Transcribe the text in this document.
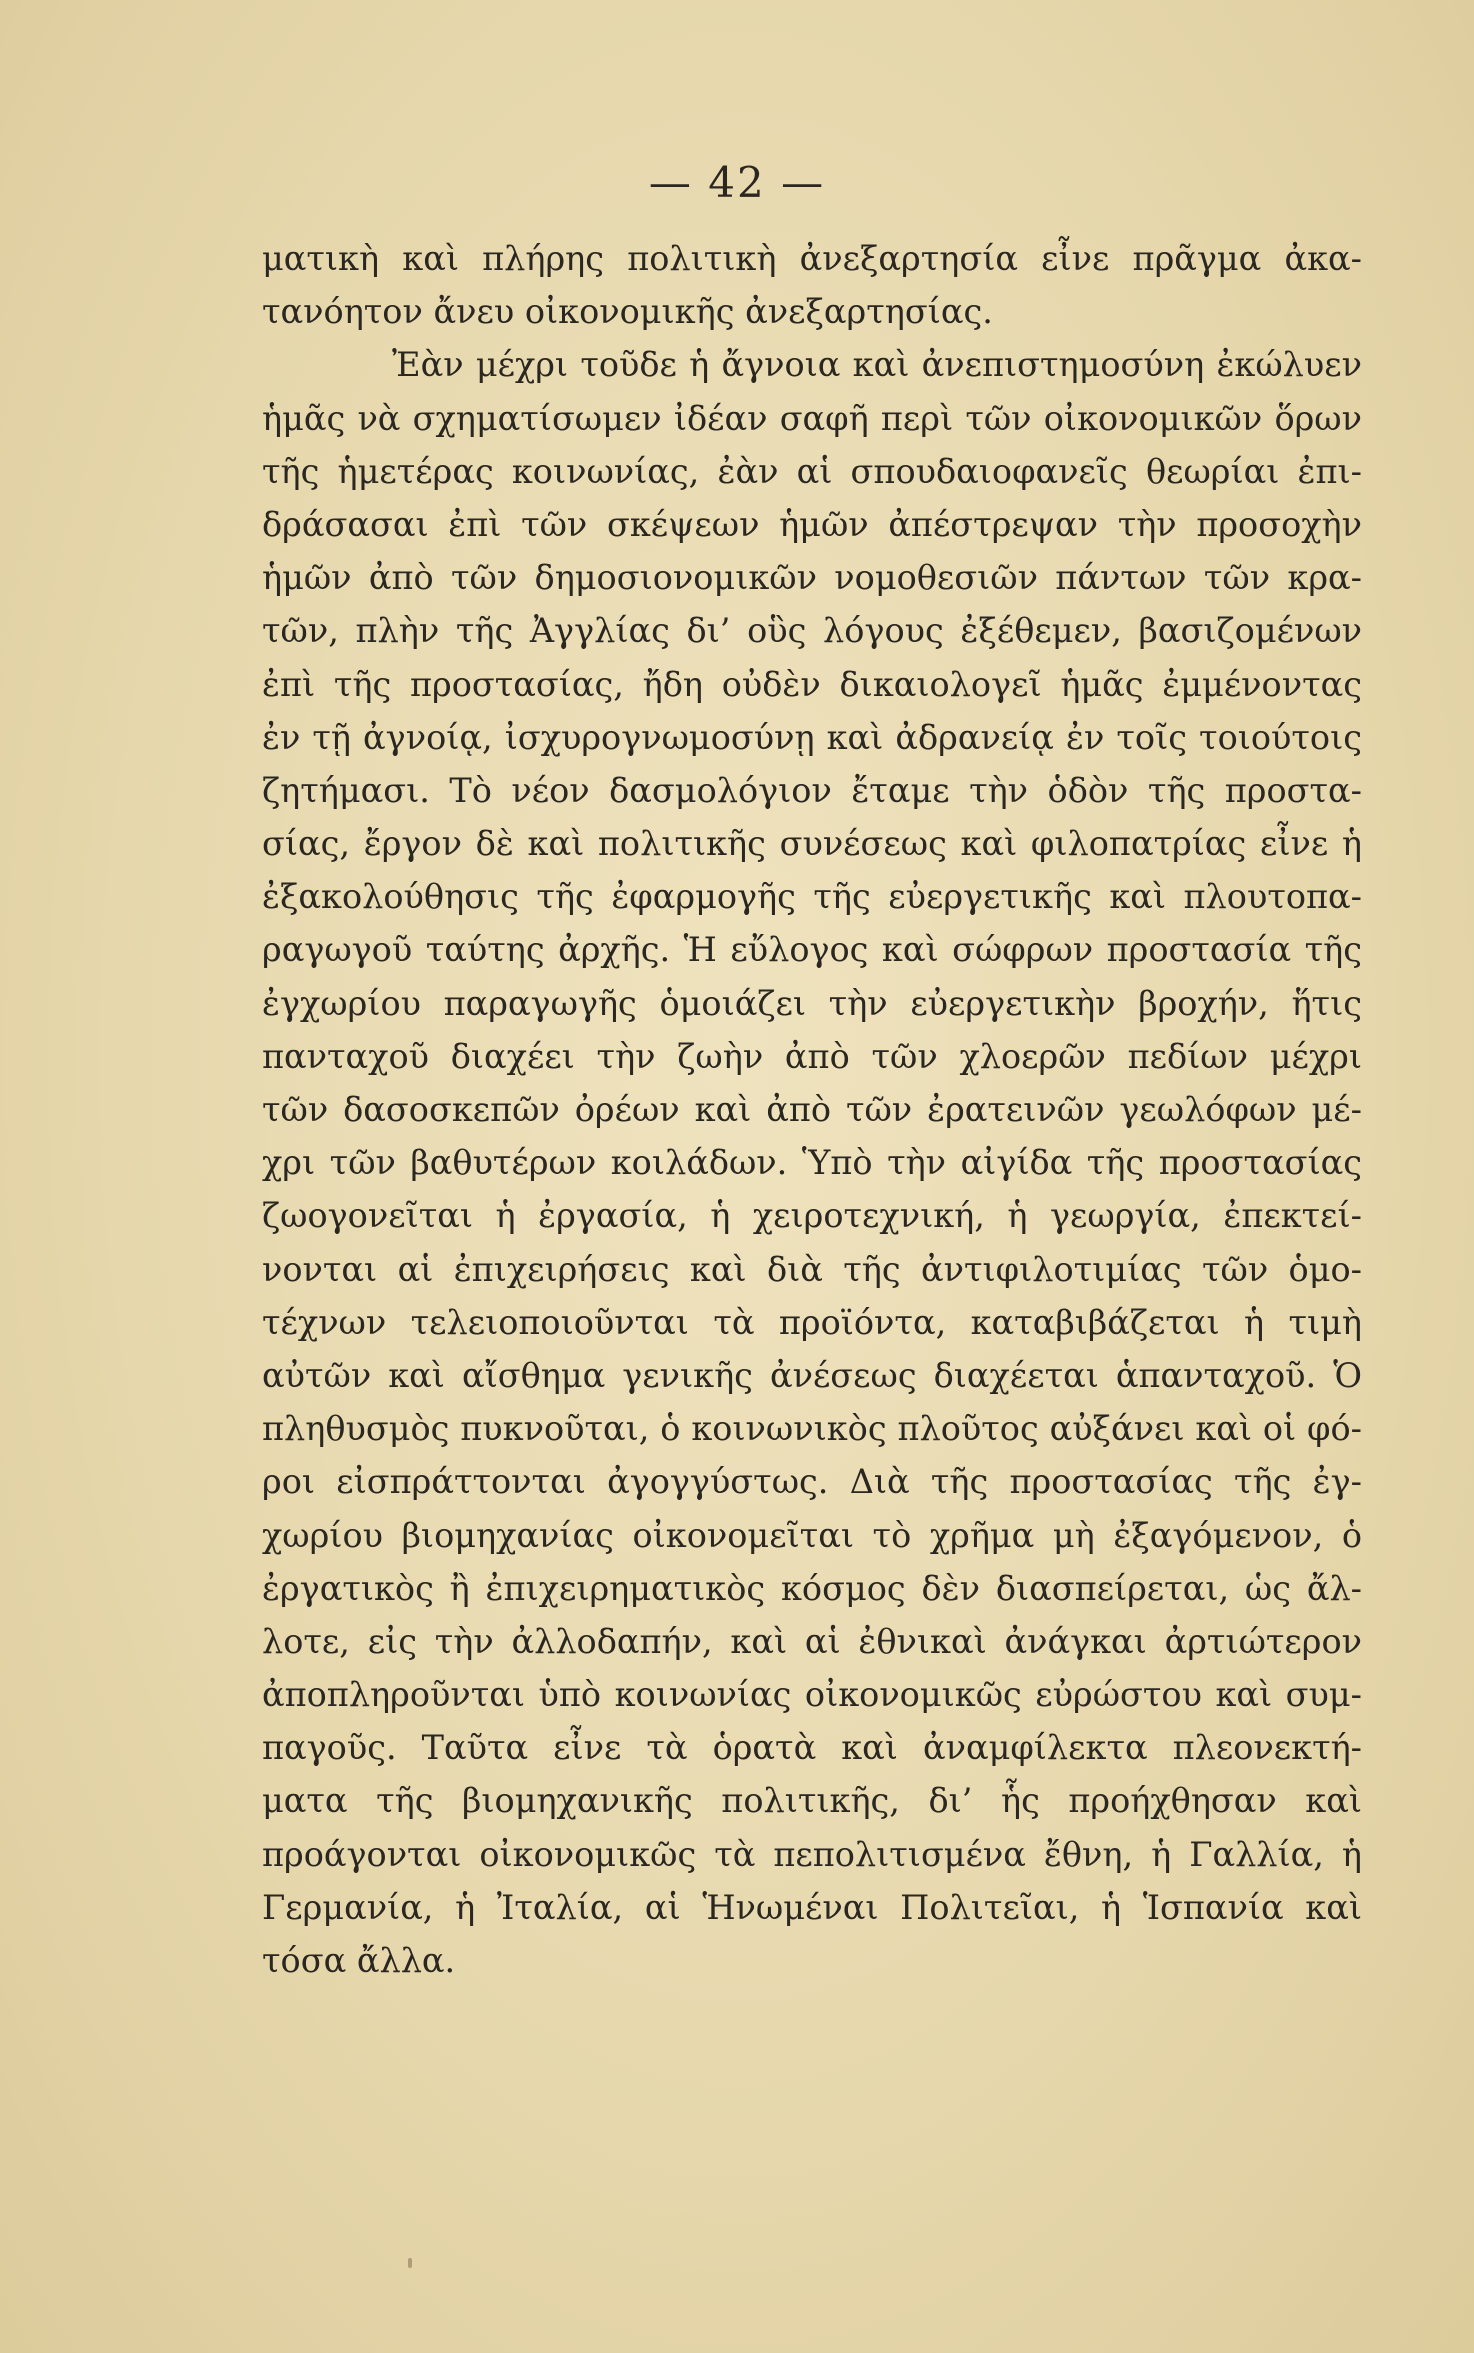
— 42 —
ματικὴ καὶ πλήρης πολιτικὴ ἀνεξαρτησία εἶνε πρᾶγμα ἀκα-
τανόητον ἄνευ οἰκονομικῆς ἀνεξαρτησίας.
Ἐὰν μέχρι τοῦδε ἡ ἄγνοια καὶ ἀνεπιστημοσύνη ἐκώλυεν
ἡμᾶς νὰ σχηματίσωμεν ἰδέαν σαφῆ περὶ τῶν οἰκονομικῶν ὅρων
τῆς ἡμετέρας κοινωνίας, ἐὰν αἱ σπουδαιοφανεῖς θεωρίαι ἐπι-
δράσασαι ἐπὶ τῶν σκέψεων ἡμῶν ἀπέστρεψαν τὴν προσοχὴν
ἡμῶν ἀπὸ τῶν δημοσιονομικῶν νομοθεσιῶν πάντων τῶν κρα-
τῶν, πλὴν τῆς Ἀγγλίας δι’ οὓς λόγους ἐξέθεμεν, βασιζομένων
ἐπὶ τῆς προστασίας, ἤδη οὐδὲν δικαιολογεῖ ἡμᾶς ἐμμένοντας
ἐν τῇ ἀγνοίᾳ, ἰσχυρογνωμοσύνῃ καὶ ἀδρανείᾳ ἐν τοῖς τοιούτοις
ζητήμασι. Τὸ νέον δασμολόγιον ἔταμε τὴν ὁδὸν τῆς προστα-
σίας, ἔργον δὲ καὶ πολιτικῆς συνέσεως καὶ φιλοπατρίας εἶνε ἡ
ἐξακολούθησις τῆς ἐφαρμογῆς τῆς εὐεργετικῆς καὶ πλουτοπα-
ραγωγοῦ ταύτης ἀρχῆς. Ἡ εὔλογος καὶ σώφρων προστασία τῆς
ἐγχωρίου παραγωγῆς ὁμοιάζει τὴν εὐεργετικὴν βροχήν, ἥτις
πανταχοῦ διαχέει τὴν ζωὴν ἀπὸ τῶν χλοερῶν πεδίων μέχρι
τῶν δασοσκεπῶν ὀρέων καὶ ἀπὸ τῶν ἐρατεινῶν γεωλόφων μέ-
χρι τῶν βαθυτέρων κοιλάδων. Ὑπὸ τὴν αἰγίδα τῆς προστασίας
ζωογονεῖται ἡ ἐργασία, ἡ χειροτεχνική, ἡ γεωργία, ἐπεκτεί-
νονται αἱ ἐπιχειρήσεις καὶ διὰ τῆς ἀντιφιλοτιμίας τῶν ὁμο-
τέχνων τελειοποιοῦνται τὰ προϊόντα, καταβιβάζεται ἡ τιμὴ
αὐτῶν καὶ αἴσθημα γενικῆς ἀνέσεως διαχέεται ἁπανταχοῦ. Ὁ
πληθυσμὸς πυκνοῦται, ὁ κοινωνικὸς πλοῦτος αὐξάνει καὶ οἱ φό-
ροι εἰσπράττονται ἀγογγύστως. Διὰ τῆς προστασίας τῆς ἐγ-
χωρίου βιομηχανίας οἰκονομεῖται τὸ χρῆμα μὴ ἐξαγόμενον, ὁ
ἐργατικὸς ἢ ἐπιχειρηματικὸς κόσμος δὲν διασπείρεται, ὡς ἄλ-
λοτε, εἰς τὴν ἀλλοδαπήν, καὶ αἱ ἐθνικαὶ ἀνάγκαι ἀρτιώτερον
ἀποπληροῦνται ὑπὸ κοινωνίας οἰκονομικῶς εὐρώστου καὶ συμ-
παγοῦς. Ταῦτα εἶνε τὰ ὁρατὰ καὶ ἀναμφίλεκτα πλεονεκτή-
ματα τῆς βιομηχανικῆς πολιτικῆς, δι’ ἧς προήχθησαν καὶ
προάγονται οἰκονομικῶς τὰ πεπολιτισμένα ἔθνη, ἡ Γαλλία, ἡ
Γερμανία, ἡ Ἰταλία, αἱ Ἡνωμέναι Πολιτεῖαι, ἡ Ἱσπανία καὶ
τόσα ἄλλα.
